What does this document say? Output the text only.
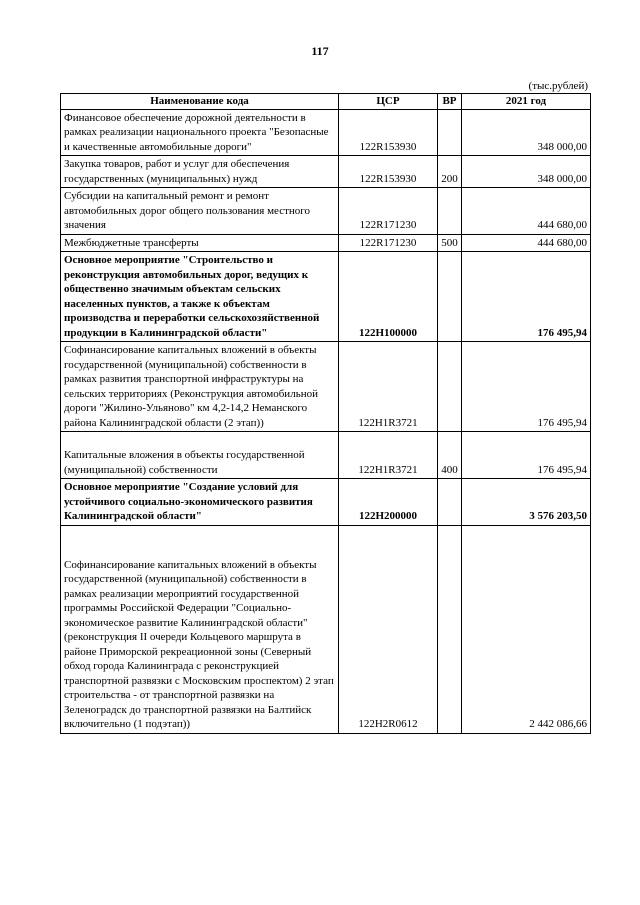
117
(тыс.рублей)
Наименование кода	ЦСР	ВР	2021 год
Финансовое обеспечение дорожной деятельности в рамках реализации национального проекта "Безопасные и качественные автомобильные дороги"	122R153930		348 000,00
Закупка товаров, работ и услуг для обеспечения государственных (муниципальных) нужд	122R153930	200	348 000,00
Субсидии на капитальный ремонт и ремонт автомобильных дорог общего пользования местного значения	122R171230		444 680,00
Межбюджетные трансферты	122R171230	500	444 680,00
Основное мероприятие "Строительство и реконструкция автомобильных дорог, ведущих к общественно значимым объектам сельских населенных пунктов, а также к объектам производства и переработки сельскохозяйственной продукции в Калининградской области"	122H100000		176 495,94
Софинансирование капитальных вложений в объекты государственной (муниципальной) собственности в рамках развития транспортной инфраструктуры на сельских территориях (Реконструкция автомобильной дороги "Жилино-Ульяново" км 4,2-14,2 Неманского района Калининградской области (2 этап))	122H1R3721		176 495,94
Капитальные вложения в объекты государственной (муниципальной) собственности	122H1R3721	400	176 495,94
Основное мероприятие "Создание условий для устойчивого социально-экономического развития Калининградской области"	122H200000		3 576 203,50
Софинансирование капитальных вложений в объекты государственной (муниципальной) собственности в рамках реализации мероприятий государственной программы Российской Федерации "Социально-экономическое развитие Калининградской области"(реконструкция II очереди Кольцевого маршрута в районе Приморской рекреационной зоны (Северный обход города Калининграда с реконструкцией транспортной развязки с Московским проспектом) 2 этап строительства - от транспортной развязки на Зеленоградск до транспортной развязки на Балтийск включительно (1 подэтап))	122H2R0612		2 442 086,66
